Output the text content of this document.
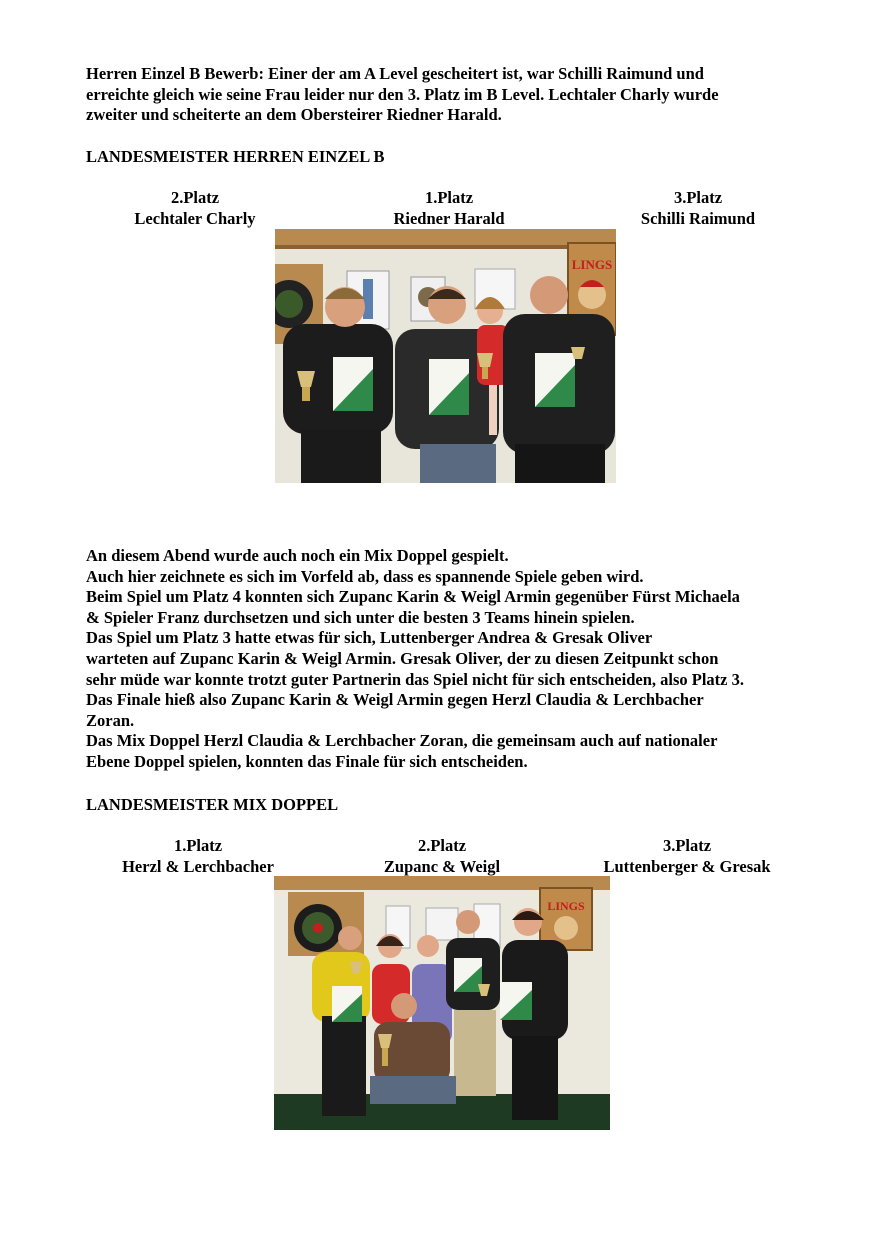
Herren Einzel B Bewerb: Einer der am A Level gescheitert ist, war Schilli Raimund und

erreichte gleich wie seine Frau leider nur den 3. Platz im B Level. Lechtaler Charly wurde

zweiter und scheiterte an dem Obersteirer Riedner Harald.

LANDESMEISTER HERREN EINZEL B
2.Platz
Lechtaler Charly
1.Platz
Riedner Harald
3.Platz
Schilli Raimund
LINGS

An diesem Abend wurde auch noch ein Mix Doppel gespielt.

Auch hier zeichnete es sich im Vorfeld ab, dass es spannende Spiele geben wird.

Beim Spiel um Platz 4 konnten sich Zupanc Karin & Weigl Armin gegenüber Fürst Michaela

& Spieler Franz durchsetzen und sich unter die besten 3 Teams hinein spielen.

Das Spiel um Platz 3 hatte etwas für sich, Luttenberger Andrea & Gresak Oliver

warteten auf Zupanc Karin & Weigl Armin. Gresak Oliver, der zu diesen Zeitpunkt schon

sehr müde war konnte trotzt guter Partnerin das Spiel nicht für sich entscheiden, also Platz 3.

Das Finale hieß also Zupanc Karin & Weigl Armin gegen Herzl Claudia & Lerchbacher

Zoran.

Das Mix Doppel Herzl Claudia & Lerchbacher Zoran, die gemeinsam auch auf nationaler

Ebene Doppel spielen, konnten das Finale für sich entscheiden.

LANDESMEISTER MIX DOPPEL
1.Platz
Herzl & Lerchbacher
2.Platz
Zupanc & Weigl
3.Platz
Luttenberger & Gresak
LINGS
